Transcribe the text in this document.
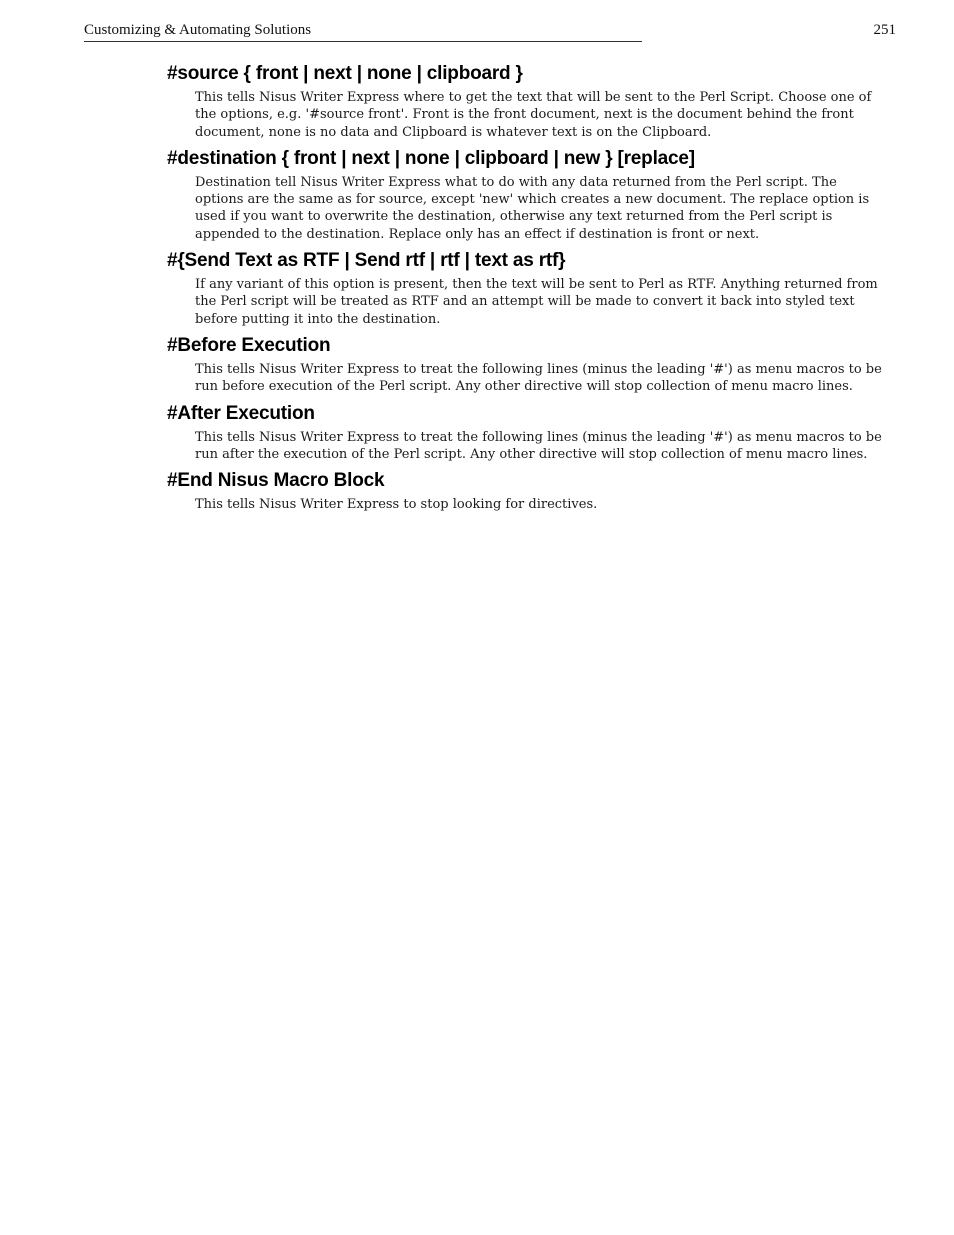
Customizing & Automating Solutions	251
#source { front | next | none | clipboard }

This tells Nisus Writer Express where to get the text that will be sent to the Perl Script. Choose one of the options, e.g. '#source front'. Front is the front document, next is the document behind the front document, none is no data and Clipboard is whatever text is on the Clipboard.

#destination { front | next | none | clipboard | new } [replace]

Destination tell Nisus Writer Express what to do with any data returned from the Perl script. The options are the same as for source, except 'new' which creates a new document. The replace option is used if you want to overwrite the destination, otherwise any text returned from the Perl script is appended to the destination. Replace only has an effect if destination is front or next.

#{Send Text as RTF | Send rtf | rtf | text as rtf}

If any variant of this option is present, then the text will be sent to Perl as RTF. Anything returned from the Perl script will be treated as RTF and an attempt will be made to convert it back into styled text before putting it into the destination.

#Before Execution

This tells Nisus Writer Express to treat the following lines (minus the leading '#') as menu macros to be run before execution of the Perl script. Any other directive will stop collection of menu macro lines.

#After Execution

This tells Nisus Writer Express to treat the following lines (minus the leading '#') as menu macros to be run after the execution of the Perl script. Any other directive will stop collection of menu macro lines.

#End Nisus Macro Block

This tells Nisus Writer Express to stop looking for directives.
